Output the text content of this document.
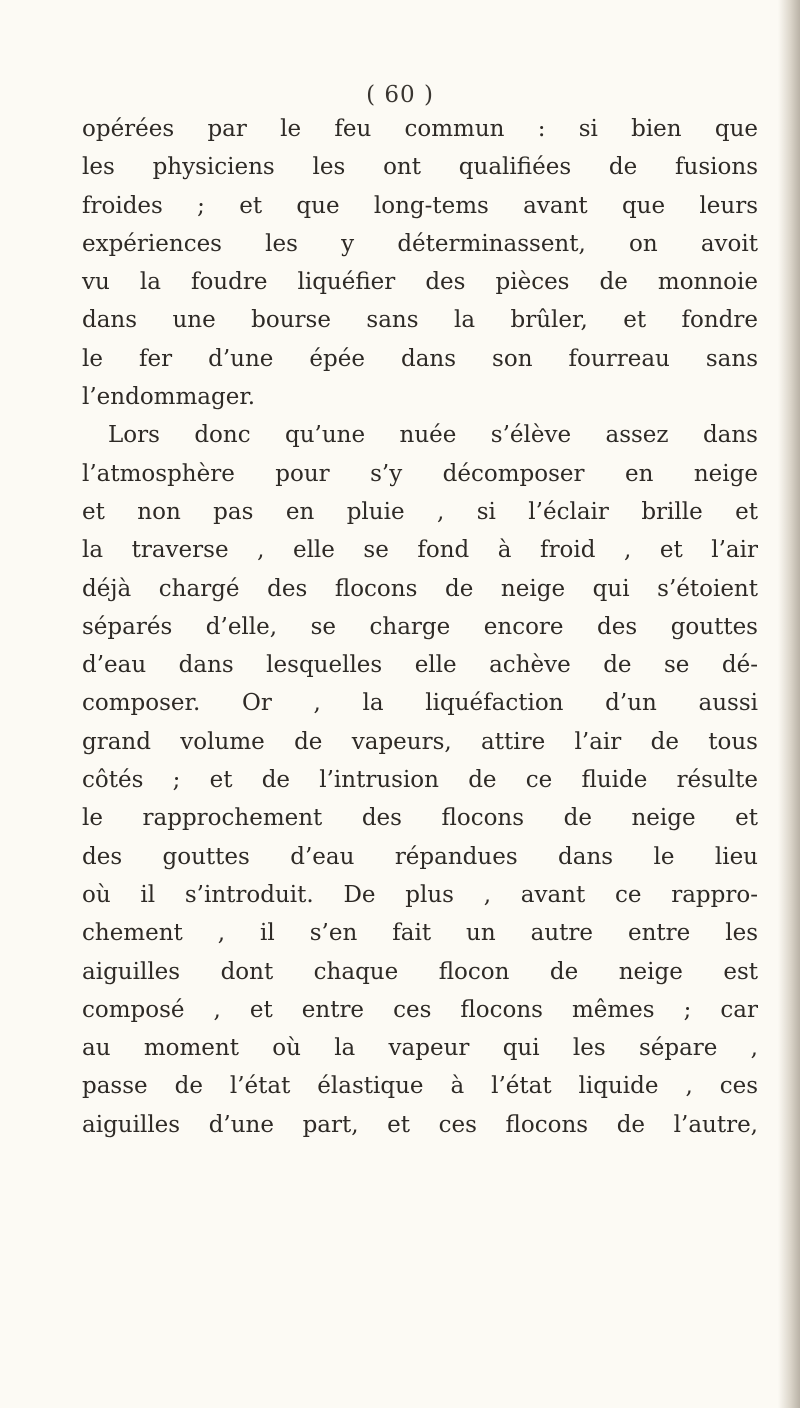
( 60 )
opérées par le feu commun : si bien que
les physiciens les ont qualifiées de fusions
froides ; et que long-tems avant que leurs
expériences les y déterminassent, on avoit
vu la foudre liquéfier des pièces de monnoie
dans une bourse sans la brûler, et fondre
le fer d’une épée dans son fourreau sans
l’endommager.
Lors donc qu’une nuée s’élève assez dans
l’atmosphère pour s’y décomposer en neige
et non pas en pluie , si l’éclair brille et
la traverse , elle se fond à froid , et l’air
déjà chargé des flocons de neige qui s’étoient
séparés d’elle, se charge encore des gouttes
d’eau dans lesquelles elle achève de se dé-
composer. Or , la liquéfaction d’un aussi
grand volume de vapeurs, attire l’air de tous
côtés ; et de l’intrusion de ce fluide résulte
le rapprochement des flocons de neige et
des gouttes d’eau répandues dans le lieu
où il s’introduit. De plus , avant ce rappro-
chement , il s’en fait un autre entre les
aiguilles dont chaque flocon de neige est
composé , et entre ces flocons mêmes ; car
au moment où la vapeur qui les sépare ,
passe de l’état élastique à l’état liquide , ces
aiguilles d’une part, et ces flocons de l’autre,
